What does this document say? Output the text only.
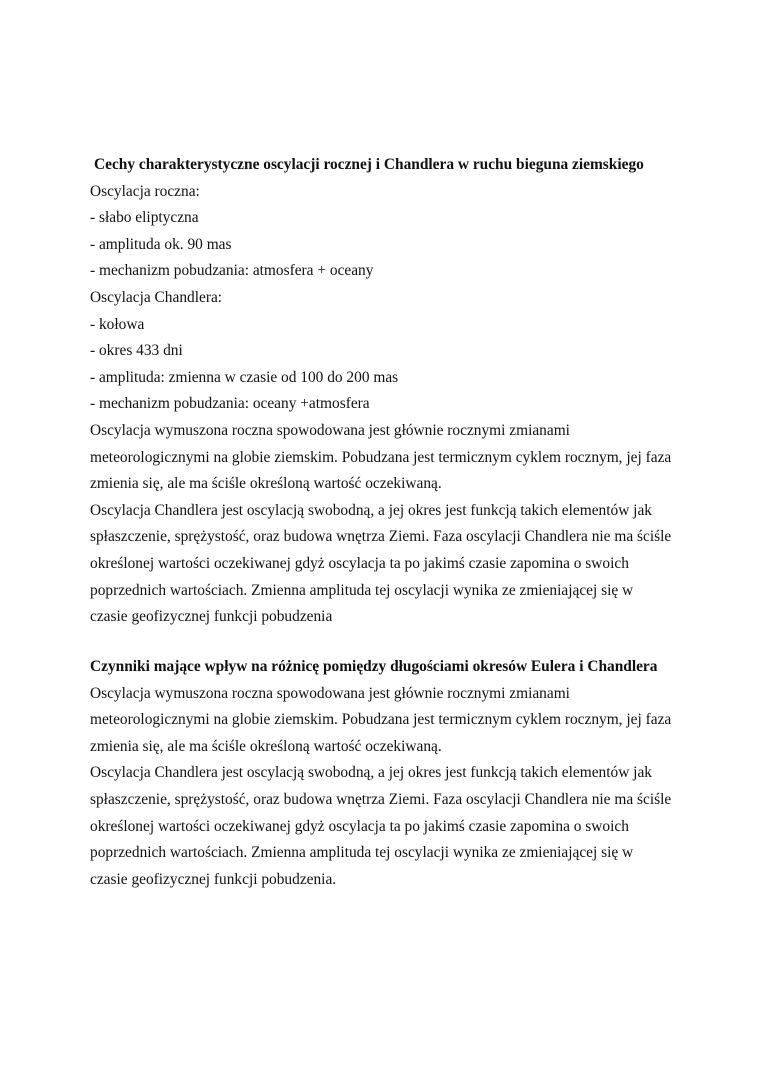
Cechy charakterystyczne oscylacji rocznej i Chandlera w ruchu bieguna ziemskiego

Oscylacja roczna:

- słabo eliptyczna

- amplituda ok. 90 mas

- mechanizm pobudzania: atmosfera + oceany

Oscylacja Chandlera:

- kołowa

- okres 433 dni

- amplituda: zmienna w czasie od 100 do 200 mas

- mechanizm pobudzania: oceany +atmosfera

Oscylacja wymuszona roczna spowodowana jest głównie rocznymi zmianami

meteorologicznymi na globie ziemskim. Pobudzana jest termicznym cyklem rocznym, jej faza

zmienia się, ale ma ściśle określoną wartość oczekiwaną.

Oscylacja Chandlera jest oscylacją swobodną, a jej okres jest funkcją takich elementów jak

spłaszczenie, sprężystość, oraz budowa wnętrza Ziemi. Faza oscylacji Chandlera nie ma ściśle

określonej wartości oczekiwanej gdyż oscylacja ta po jakimś czasie zapomina o swoich

poprzednich wartościach. Zmienna amplituda tej oscylacji wynika ze zmieniającej się w

czasie geofizycznej funkcji pobudzenia

Czynniki mające wpływ na różnicę pomiędzy długościami okresów Eulera i Chandlera

Oscylacja wymuszona roczna spowodowana jest głównie rocznymi zmianami

meteorologicznymi na globie ziemskim. Pobudzana jest termicznym cyklem rocznym, jej faza

zmienia się, ale ma ściśle określoną wartość oczekiwaną.

Oscylacja Chandlera jest oscylacją swobodną, a jej okres jest funkcją takich elementów jak

spłaszczenie, sprężystość, oraz budowa wnętrza Ziemi. Faza oscylacji Chandlera nie ma ściśle

określonej wartości oczekiwanej gdyż oscylacja ta po jakimś czasie zapomina o swoich

poprzednich wartościach. Zmienna amplituda tej oscylacji wynika ze zmieniającej się w

czasie geofizycznej funkcji pobudzenia.
